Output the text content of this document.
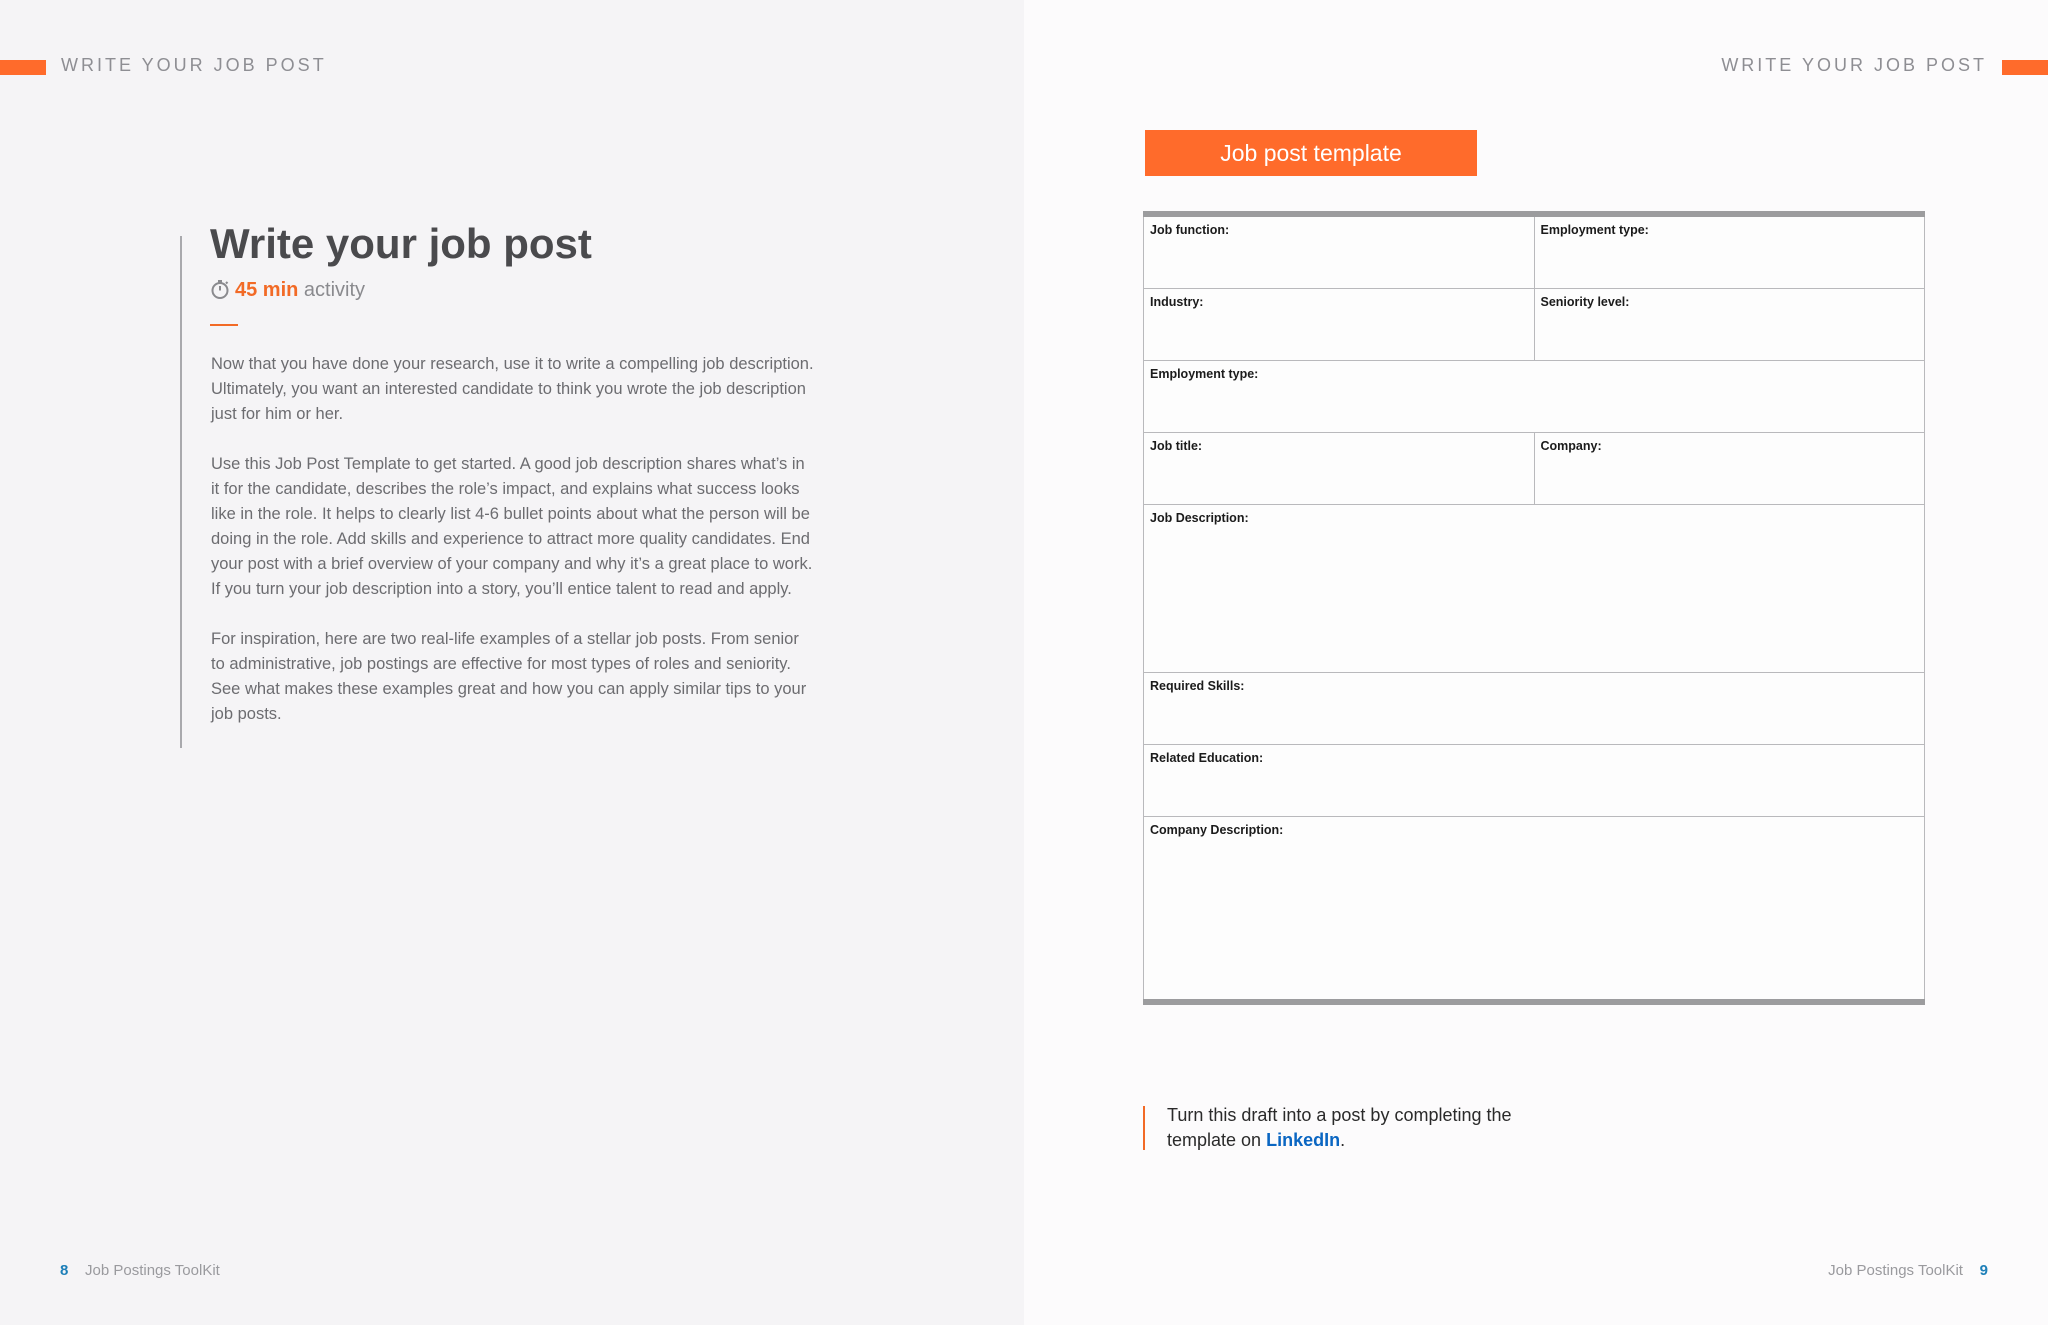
WRITE YOUR JOB POST
Write your job post
45 min activity

Now that you have done your research, use it to write a compelling job description. Ultimately, you want an interested candidate to think you wrote the job description just for him or her.

Use this Job Post Template to get started. A good job description shares what’s in it for the candidate, describes the role’s impact, and explains what success looks like in the role. It helps to clearly list 4-6 bullet points about what the person will be doing in the role. Add skills and experience to attract more quality candidates. End your post with a brief overview of your company and why it’s a great place to work. If you turn your job description into a story, you’ll entice talent to read and apply.

For inspiration, here are two real-life examples of a stellar job posts. From senior to administrative, job postings are effective for most types of roles and seniority. See what makes these examples great and how you can apply similar tips to your job posts.

8 Job Postings ToolKit
WRITE YOUR JOB POST
Job post template
Job function:	Employment type:
Industry:	Seniority level:
Employment type:	
Job title:	Company:
Job Description:	
Required Skills:	
Related Education:	
Company Description:	
Turn this draft into a post by completing the
template on LinkedIn.
Job Postings ToolKit 9
